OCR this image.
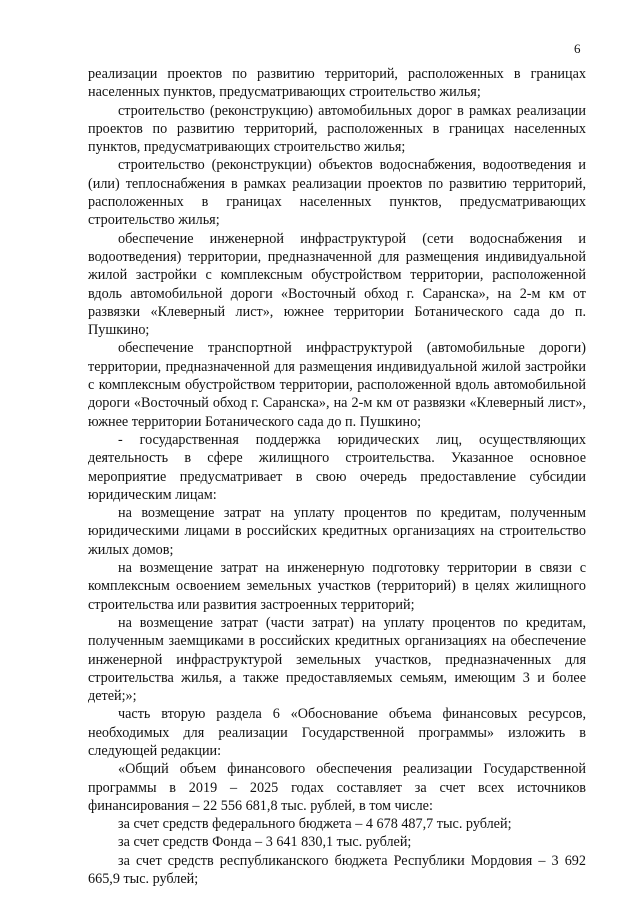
6

реализации проектов по развитию территорий, расположенных в границах населенных пунктов, предусматривающих строительство жилья;

строительство (реконструкцию) автомобильных дорог в рамках реализации проектов по развитию территорий, расположенных в границах населенных пунктов, предусматривающих строительство жилья;

строительство (реконструкции) объектов водоснабжения, водоотведения и (или) теплоснабжения в рамках реализации проектов по развитию территорий, расположенных в границах населенных пунктов, предусматривающих строительство жилья;

обеспечение инженерной инфраструктурой (сети водоснабжения и водоотведения) территории, предназначенной для размещения индивидуальной жилой застройки с комплексным обустройством территории, расположенной вдоль автомобильной дороги «Восточный обход г. Саранска», на 2-м км от развязки «Клеверный лист», южнее территории Ботанического сада до п. Пушкино;

обеспечение транспортной инфраструктурой (автомобильные дороги) территории, предназначенной для размещения индивидуальной жилой застройки с комплексным обустройством территории, расположенной вдоль автомобильной дороги «Восточный обход г. Саранска», на 2-м км от развязки «Клеверный лист», южнее территории Ботанического сада до п. Пушкино;

- государственная поддержка юридических лиц, осуществляющих деятельность в сфере жилищного строительства. Указанное основное мероприятие предусматривает в свою очередь предоставление субсидии юридическим лицам:

на возмещение затрат на уплату процентов по кредитам, полученным юридическими лицами в российских кредитных организациях на строительство жилых домов;

на возмещение затрат на инженерную подготовку территории в связи с комплексным освоением земельных участков (территорий) в целях жилищного строительства или развития застроенных территорий;

на возмещение затрат (части затрат) на уплату процентов по кредитам, полученным заемщиками в российских кредитных организациях на обеспечение инженерной инфраструктурой земельных участков, предназначенных для строительства жилья, а также предоставляемых семьям, имеющим 3 и более детей;»;

часть вторую раздела 6 «Обоснование объема финансовых ресурсов, необходимых для реализации Государственной программы» изложить в следующей редакции:

«Общий объем финансового обеспечения реализации Государственной программы в 2019 – 2025 годах составляет за счет всех источников финансирования – 22 556 681,8 тыс. рублей, в том числе:

за счет средств федерального бюджета – 4 678 487,7 тыс. рублей;

за счет средств Фонда – 3 641 830,1 тыс. рублей;

за счет средств республиканского бюджета Республики Мордовия – 3 692 665,9 тыс. рублей;
